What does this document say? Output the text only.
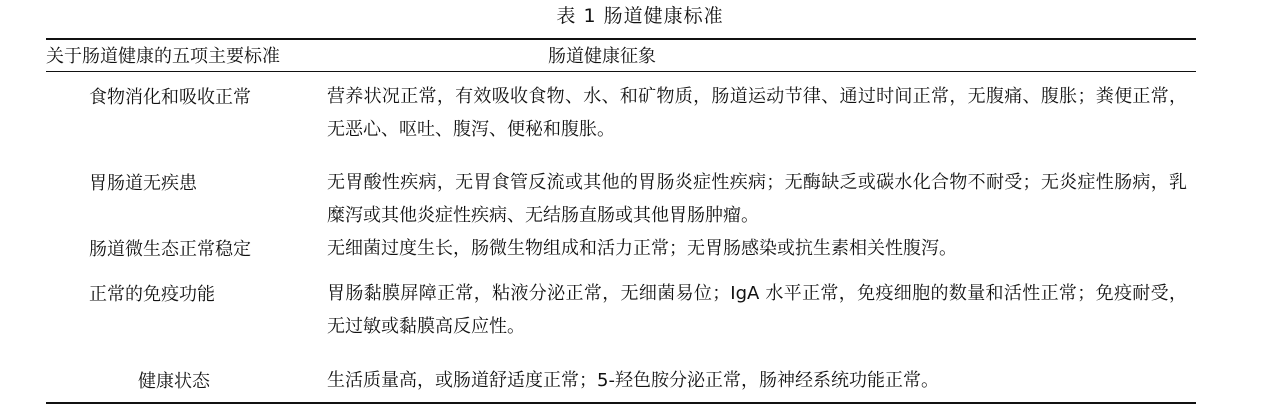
表 1 肠道健康标准
关于肠道健康的五项主要标准	肠道健康征象
食物消化和吸收正常	营养状况正常，有效吸收食物、水、和矿物质，肠道运动节律、通过时间正常，无腹痛、腹胀；粪便正常，无恶心、呕吐、腹泻、便秘和腹胀。
胃肠道无疾患	无胃酸性疾病，无胃食管反流或其他的胃肠炎症性疾病；无酶缺乏或碳水化合物不耐受；无炎症性肠病，乳糜泻或其他炎症性疾病、无结肠直肠或其他胃肠肿瘤。
肠道微生态正常稳定	无细菌过度生长，肠微生物组成和活力正常；无胃肠感染或抗生素相关性腹泻。
正常的免疫功能	胃肠黏膜屏障正常，粘液分泌正常，无细菌易位；IgA 水平正常，免疫细胞的数量和活性正常；免疫耐受，无过敏或黏膜高反应性。
健康状态	生活质量高，或肠道舒适度正常；5-羟色胺分泌正常，肠神经系统功能正常。
